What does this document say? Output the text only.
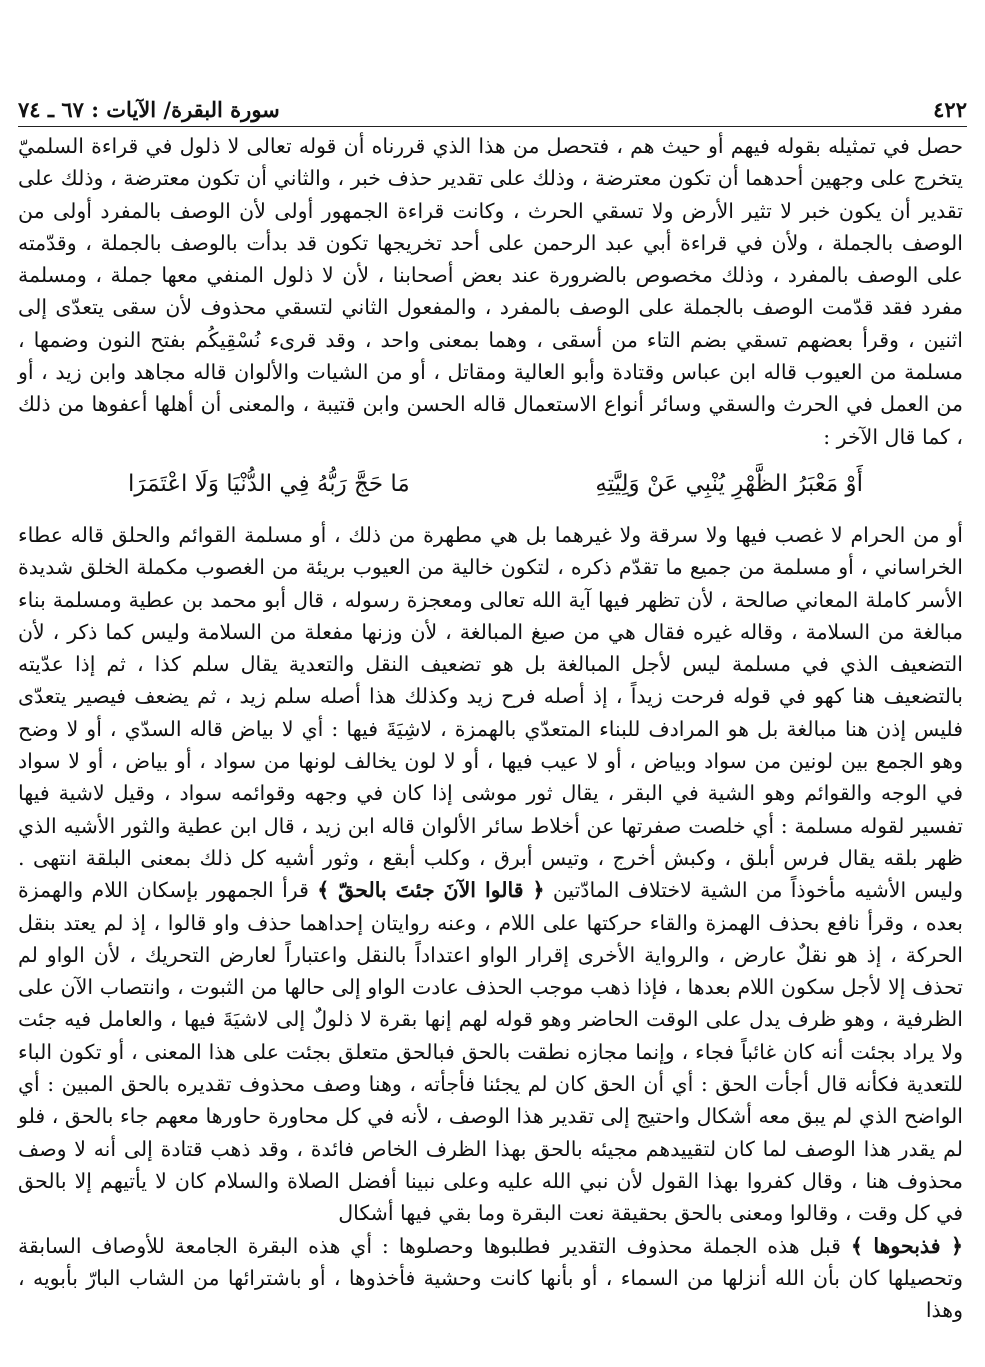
٤٢٢
سورة البقرة/ الآيات : ٦٧ ـ ٧٤

حصل في تمثيله بقوله فيهم أو حيث هم ، فتحصل من هذا الذي قررناه أن قوله تعالى لا ذلول في قراءة السلميّ يتخرج على وجهين أحدهما أن تكون معترضة ، وذلك على تقدير حذف خبر ، والثاني أن تكون معترضة ، وذلك على تقدير أن يكون خبر لا تثير الأرض ولا تسقي الحرث ، وكانت قراءة الجمهور أولى لأن الوصف بالمفرد أولى من الوصف بالجملة ، ولأن في قراءة أبي عبد الرحمن على أحد تخريجها تكون قد بدأت بالوصف بالجملة ، وقدّمته على الوصف بالمفرد ، وذلك مخصوص بالضرورة عند بعض أصحابنا ، لأن لا ذلول المنفي معها جملة ، ومسلمة مفرد فقد قدّمت الوصف بالجملة على الوصف بالمفرد ، والمفعول الثاني لتسقي محذوف لأن سقى يتعدّى إلى اثنين ، وقرأ بعضهم تسقي بضم التاء من أسقى ، وهما بمعنى واحد ، وقد قرىء نُسْقِيكُم بفتح النون وضمها ، مسلمة من العيوب قاله ابن عباس وقتادة وأبو العالية ومقاتل ، أو من الشيات والألوان قاله مجاهد وابن زيد ، أو من العمل في الحرث والسقي وسائر أنواع الاستعمال قاله الحسن وابن قتيبة ، والمعنى أن أهلها أعفوها من ذلك ، كما قال الآخر :

أَوْ مَعْبَرُ الظَّهْرِ يُنْبِي عَنْ وَلِيَّتِهِ
مَا حَجَّ رَبُّهُ فِي الدُّنْيَا وَلَا اعْتَمَرَا

أو من الحرام لا غصب فيها ولا سرقة ولا غيرهما بل هي مطهرة من ذلك ، أو مسلمة القوائم والحلق قاله عطاء الخراساني ، أو مسلمة من جميع ما تقدّم ذكره ، لتكون خالية من العيوب بريئة من الغصوب مكملة الخلق شديدة الأسر كاملة المعاني صالحة ، لأن تظهر فيها آية الله تعالى ومعجزة رسوله ، قال أبو محمد بن عطية ومسلمة بناء مبالغة من السلامة ، وقاله غيره فقال هي من صيغ المبالغة ، لأن وزنها مفعلة من السلامة وليس كما ذكر ، لأن التضعيف الذي في مسلمة ليس لأجل المبالغة بل هو تضعيف النقل والتعدية يقال سلم كذا ، ثم إذا عدّيته بالتضعيف هنا كهو في قوله فرحت زيداً ، إذ أصله فرح زيد وكذلك هذا أصله سلم زيد ، ثم يضعف فيصير يتعدّى فليس إذن هنا مبالغة بل هو المرادف للبناء المتعدّي بالهمزة ، لاشِيَةَ فيها : أي لا بياض قاله السدّي ، أو لا وضح وهو الجمع بين لونين من سواد وبياض ، أو لا عيب فيها ، أو لا لون يخالف لونها من سواد ، أو بياض ، أو لا سواد في الوجه والقوائم وهو الشية في البقر ، يقال ثور موشى إذا كان في وجهه وقوائمه سواد ، وقيل لاشية فيها تفسير لقوله مسلمة : أي خلصت صفرتها عن أخلاط سائر الألوان قاله ابن زيد ، قال ابن عطية والثور الأشيه الذي ظهر بلقه يقال فرس أبلق ، وكبش أخرج ، وتيس أبرق ، وكلب أبقع ، وثور أشيه كل ذلك بمعنى البلقة انتهى . وليس الأشيه مأخوذاً من الشية لاختلاف المادّتين ﴿ قالوا الآنَ جئتَ بالحقّ ﴾ قرأ الجمهور بإسكان اللام والهمزة بعده ، وقرأ نافع بحذف الهمزة والقاء حركتها على اللام ، وعنه روايتان إحداهما حذف واو قالوا ، إذ لم يعتد بنقل الحركة ، إذ هو نقلٌ عارض ، والرواية الأخرى إقرار الواو اعتداداً بالنقل واعتباراً لعارض التحريك ، لأن الواو لم تحذف إلا لأجل سكون اللام بعدها ، فإذا ذهب موجب الحذف عادت الواو إلى حالها من الثبوت ، وانتصاب الآن على الظرفية ، وهو ظرف يدل على الوقت الحاضر وهو قوله لهم إنها بقرة لا ذلولٌ إلى لاشيَةَ فيها ، والعامل فيه جئت ولا يراد بجئت أنه كان غائباً فجاء ، وإنما مجازه نطقت بالحق فبالحق متعلق بجئت على هذا المعنى ، أو تكون الباء للتعدية فكأنه قال أجأت الحق : أي أن الحق كان لم يجئنا فأجأته ، وهنا وصف محذوف تقديره بالحق المبين : أي الواضح الذي لم يبق معه أشكال واحتيج إلى تقدير هذا الوصف ، لأنه في كل محاورة حاورها معهم جاء بالحق ، فلو لم يقدر هذا الوصف لما كان لتقييدهم مجيئه بالحق بهذا الظرف الخاص فائدة ، وقد ذهب قتادة إلى أنه لا وصف محذوف هنا ، وقال كفروا بهذا القول لأن نبي الله عليه وعلى نبينا أفضل الصلاة والسلام كان لا يأتيهم إلا بالحق في كل وقت ، وقالوا ومعنى بالحق بحقيقة نعت البقرة وما بقي فيها أشكال

﴿ فذبحوها ﴾ قبل هذه الجملة محذوف التقدير فطلبوها وحصلوها : أي هذه البقرة الجامعة للأوصاف السابقة وتحصيلها كان بأن الله أنزلها من السماء ، أو بأنها كانت وحشية فأخذوها ، أو باشترائها من الشاب البارّ بأبويه ، وهذا
